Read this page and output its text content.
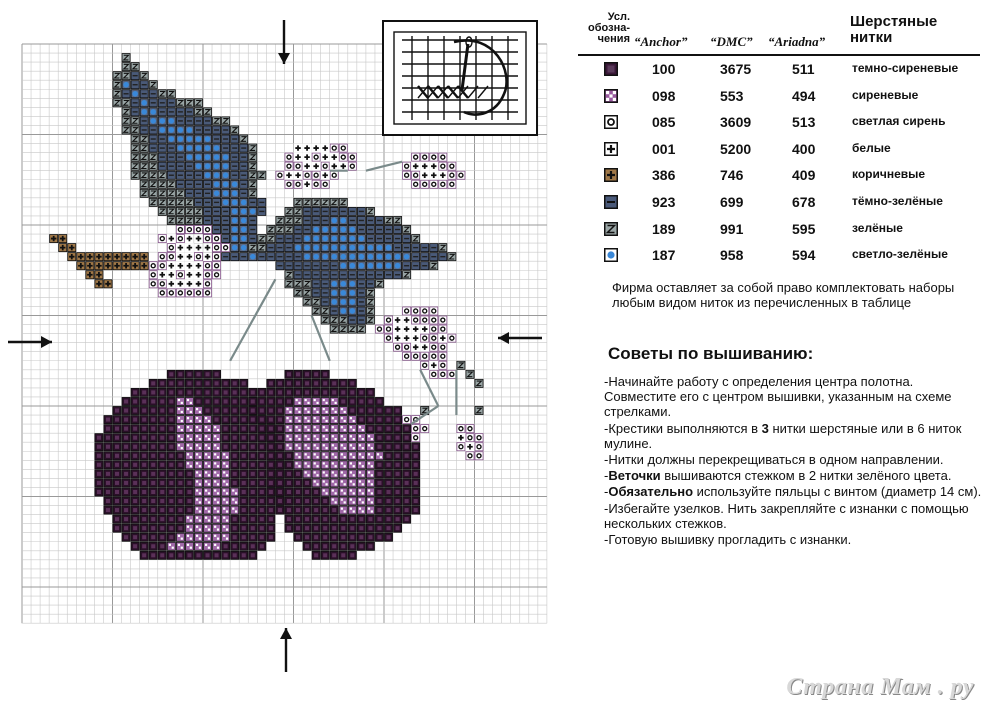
Усл. обозна- чения “Anchor” “DMC” “Ariadna”
Шерстяные нитки
100	3675	511	темно-сиреневые
098	553	494	сиреневые
085	3609	513	светлая сирень
001	5200	400	белые
386	746	409	коричневые
923	699	678	тёмно-зелёные
189	991	595	зелёные
187	958	594	светло-зелёные
Фирма оставляет за собой право комплектовать наборы любым видом ниток из перечисленных в таблице
Советы по вышиванию:
-Начинайте работу с определения центра полотна. Совместите его с центром вышивки, указанным на схеме стрелками.
-Крестики выполняются в 3 нитки шерстяные или в 6 ниток мулине.
-Нитки должны перекрещиваться в одном направлении.
-Веточки вышиваются стежком в 2 нитки зелёного цвета.
-Обязательно используйте пяльцы с винтом (диаметр 14 см).
-Избегайте узелков. Нить закрепляйте с изнанки с помощью нескольких стежков.
-Готовую вышивку прогладить с изнанки.
Страна Мам . ру
